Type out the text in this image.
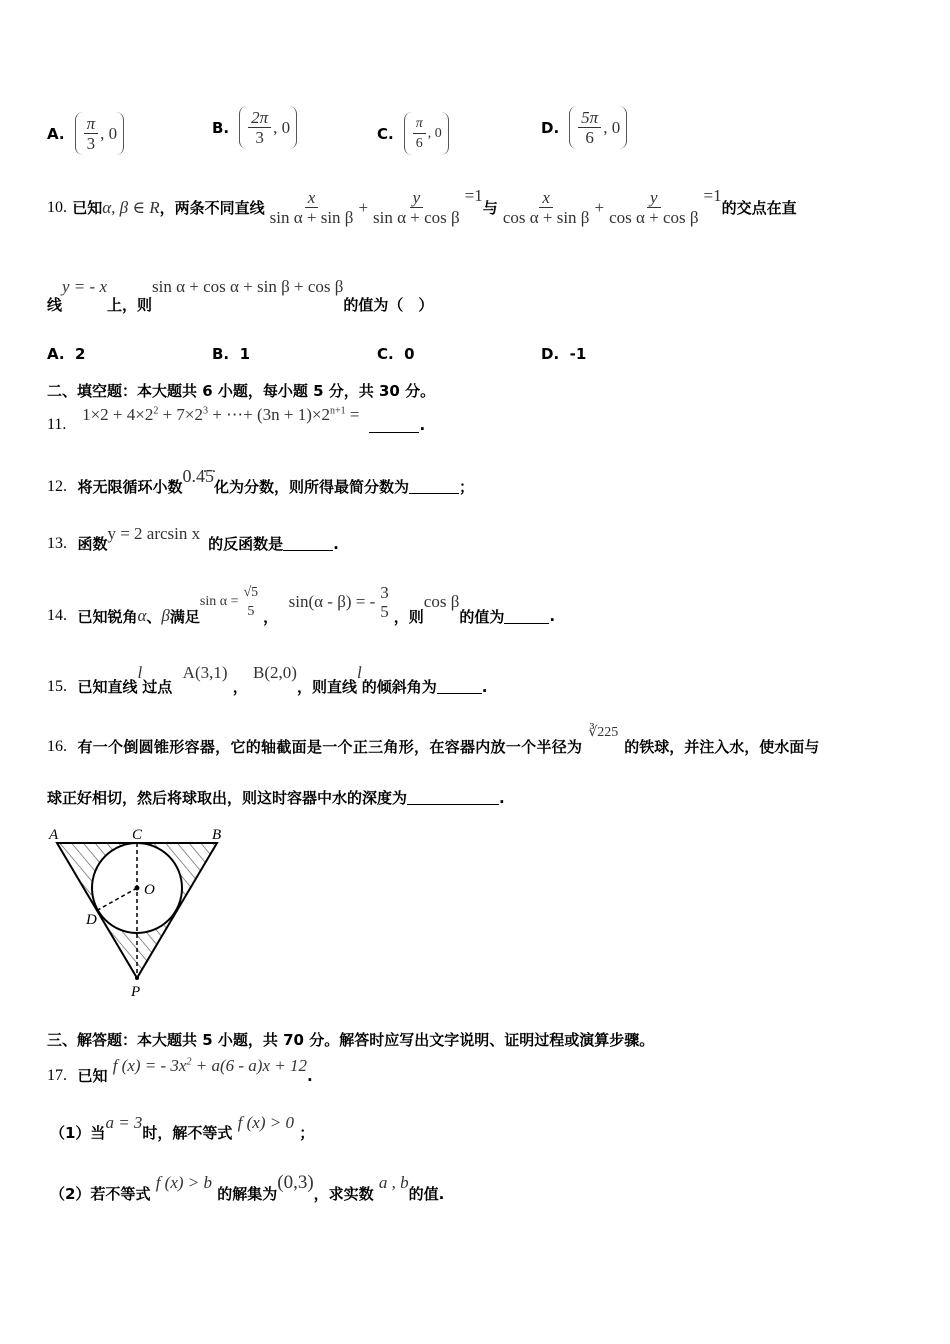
A. $\frac{\pi}{3}$ , 0	B. $\frac{2\pi}{3}$ , 0	C. $\frac{\pi}{6}$ , 0	D. $\frac{5\pi}{6}$ , 0
10.
已知 α, β ∈ R ，两条不同直线 $\frac{x}{\text{sin α + sin β}} + \frac{y}{\text{sin α + cos β}} =1$
与 $\frac{x}{\text{cos α + sin β}} + \frac{y}{\text{cos α + cos β}} =1$
的交点在直
线
y = - x
上，则
sin α + cos α + sin β + cos β
的值为（　）
A.
2	B.
1	C.
0	D.
-1
二、填空题：本大题共 6 小题，每小题 5 分，共 30 分。
11.

$1\times 2 + 4\times 2^2 + 7\times 2^3$ + ⋯+ $(3n + 1)\times 2^{n+1}$ =
.
12.
将无限循环小数
0.4̇5̇
化为分数，则所得最简分数为	；
13.
函数
y = 2 arcsin x
的反函数是	.
14.
已知锐角 α 、 β 满足
sin α =
√5
5 ，

sin(α - β) = - 3
5 ，则
cos β
的值为	.
15.
已知直线
l
过点

A(3,1)

，

B(2,0)
，则直线
l
的倾斜角为	.
16.
有一个倒圆锥形容器，它的轴截面是一个正三角形，在容器内放一个半径为
∛225
的铁球，并注入水，使水面与
球正好相切，然后将球取出，则这时容器中水的深度为	.
A	B
C
O
D
P
三、解答题：本大题共 5 小题，共 70 分。解答时应写出文字说明、证明过程或演算步骤。
17.
已知

f (x) = - $3x^2 + a(6 - a)x + 12$
.
（1）当
a = 3
时，解不等式

f (x) > 0

；
（2）若不等式

f (x) > b

的解集为
(0,3)
，求实数

a , b
的值.
